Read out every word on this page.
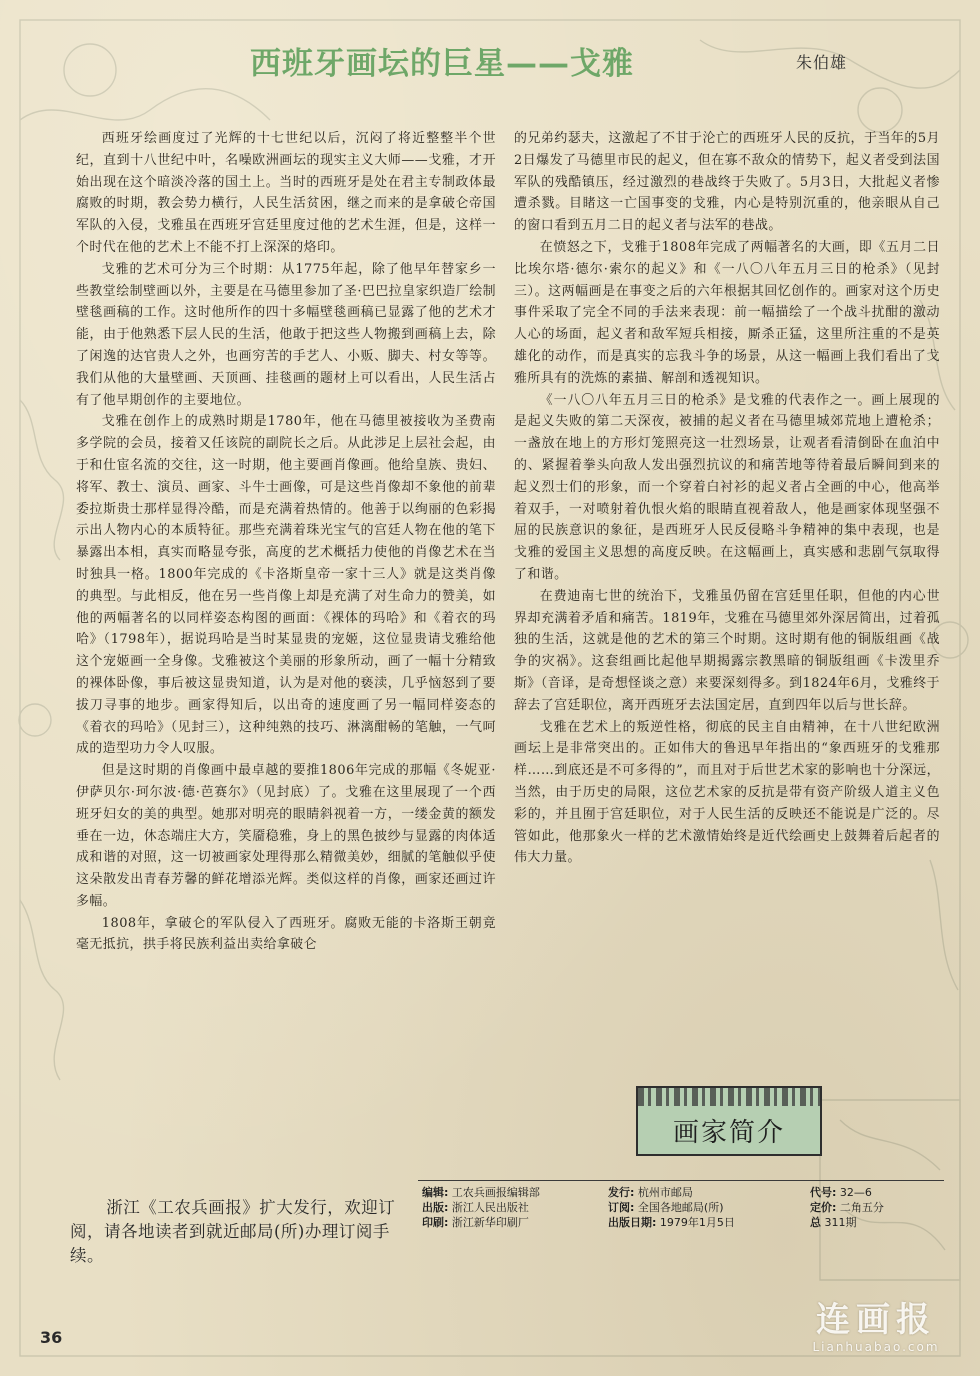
西班牙画坛的巨星——戈雅	朱伯雄

西班牙绘画度过了光辉的十七世纪以后，沉闷了将近整整半个世纪，直到十八世纪中叶，名噪欧洲画坛的现实主义大师——戈雅，才开始出现在这个暗淡冷落的国土上。当时的西班牙是处在君主专制政体最腐败的时期，教会势力横行，人民生活贫困，继之而来的是拿破仑帝国军队的入侵，戈雅虽在西班牙宫廷里度过他的艺术生涯，但是，这样一个时代在他的艺术上不能不打上深深的烙印。

戈雅的艺术可分为三个时期：从1775年起，除了他早年替家乡一些教堂绘制壁画以外，主要是在马德里参加了圣·巴巴拉皇家织造厂绘制壁毯画稿的工作。这时他所作的四十多幅壁毯画稿已显露了他的艺术才能，由于他熟悉下层人民的生活，他敢于把这些人物搬到画稿上去，除了闲逸的达官贵人之外，也画穷苦的手艺人、小贩、脚夫、村女等等。我们从他的大量壁画、天顶画、挂毯画的题材上可以看出，人民生活占有了他早期创作的主要地位。

戈雅在创作上的成熟时期是1780年，他在马德里被接收为圣费南多学院的会员，接着又任该院的副院长之后。从此涉足上层社会起，由于和仕宦名流的交往，这一时期，他主要画肖像画。他给皇族、贵妇、将军、教士、演员、画家、斗牛士画像，可是这些肖像却不象他的前辈委拉斯贵士那样显得冷酷，而是充满着热情的。他善于以绚丽的色彩揭示出人物内心的本质特征。那些充满着珠光宝气的宫廷人物在他的笔下暴露出本相，真实而略显夸张，高度的艺术概括力使他的肖像艺术在当时独具一格。1800年完成的《卡洛斯皇帝一家十三人》就是这类肖像的典型。与此相反，他在另一些肖像上却是充满了对生命力的赞美，如他的两幅著名的以同样姿态构图的画面：《裸体的玛哈》和《着衣的玛哈》（1798年），据说玛哈是当时某显贵的宠姬，这位显贵请戈雅给他这个宠姬画一全身像。戈雅被这个美丽的形象所动，画了一幅十分精致的裸体卧像，事后被这显贵知道，认为是对他的亵渎，几乎恼怒到了要拔刀寻事的地步。画家得知后，以出奇的速度画了另一幅同样姿态的《着衣的玛哈》（见封三），这种纯熟的技巧、淋漓酣畅的笔触，一气呵成的造型功力令人叹服。

但是这时期的肖像画中最卓越的要推1806年完成的那幅《冬妮亚·伊萨贝尔·珂尔波·德·芭赛尔》（见封底）了。戈雅在这里展现了一个西班牙妇女的美的典型。她那对明亮的眼睛斜视着一方，一缕金黄的额发垂在一边，休态端庄大方，笑靥稳雅，身上的黑色披纱与显露的肉体适成和谐的对照，这一切被画家处理得那么精微美妙，细腻的笔触似乎使这朵散发出青春芳馨的鲜花增添光辉。类似这样的肖像，画家还画过许多幅。

1808年，拿破仑的军队侵入了西班牙。腐败无能的卡洛斯王朝竟毫无抵抗，拱手将民族利益出卖给拿破仑

的兄弟约瑟夫，这激起了不甘于沦亡的西班牙人民的反抗，于当年的5月2日爆发了马德里市民的起义，但在寡不敌众的情势下，起义者受到法国军队的残酷镇压，经过激烈的巷战终于失败了。5月3日，大批起义者惨遭杀戮。目睹这一亡国事变的戈雅，内心是特别沉重的，他亲眼从自己的窗口看到五月二日的起义者与法军的巷战。

在愤怒之下，戈雅于1808年完成了两幅著名的大画，即《五月二日比埃尔塔·德尔·索尔的起义》和《一八〇八年五月三日的枪杀》（见封三）。这两幅画是在事变之后的六年根据其回忆创作的。画家对这个历史事件采取了完全不同的手法来表现：前一幅描绘了一个战斗扰酣的激动人心的场面，起义者和敌军短兵相接，厮杀正猛，这里所注重的不是英雄化的动作，而是真实的忘我斗争的场景，从这一幅画上我们看出了戈雅所具有的洗炼的素描、解剖和透视知识。

《一八〇八年五月三日的枪杀》是戈雅的代表作之一。画上展现的是起义失败的第二天深夜，被捕的起义者在马德里城郊荒地上遭枪杀；一盏放在地上的方形灯笼照亮这一壮烈场景，让观者看清倒卧在血泊中的、紧握着拳头向敌人发出强烈抗议的和痛苦地等待着最后瞬间到来的起义烈士们的形象，而一个穿着白衬衫的起义者占全画的中心，他高举着双手，一对喷射着仇恨火焰的眼睛直视着敌人，他是画家体现坚强不屈的民族意识的象征，是西班牙人民反侵略斗争精神的集中表现，也是戈雅的爱国主义思想的高度反映。在这幅画上，真实感和悲剧气氛取得了和谐。

在费迪南七世的统治下，戈雅虽仍留在宫廷里任职，但他的内心世界却充满着矛盾和痛苦。1819年，戈雅在马德里郊外深居简出，过着孤独的生活，这就是他的艺术的第三个时期。这时期有他的铜版组画《战争的灾祸》。这套组画比起他早期揭露宗教黑暗的铜版组画《卡泼里乔斯》（音译，是奇想怪谈之意）来要深刻得多。到1824年6月，戈雅终于辞去了宫廷职位，离开西班牙去法国定居，直到四年以后与世长辞。

戈雅在艺术上的叛逆性格，彻底的民主自由精神，在十八世纪欧洲画坛上是非常突出的。正如伟大的鲁迅早年指出的“象西班牙的戈雅那样……到底还是不可多得的”，而且对于后世艺术家的影响也十分深远，当然，由于历史的局限，这位艺术家的反抗是带有资产阶级人道主义色彩的，并且囿于宫廷职位，对于人民生活的反映还不能说是广泛的。尽管如此，他那象火一样的艺术激情始终是近代绘画史上鼓舞着后起者的伟大力量。

画家简介

浙江《工农兵画报》扩大发行，欢迎订阅，请各地读者到就近邮局(所)办理订阅手续。

编辑: 工农兵画报编辑部
出版: 浙江人民出版社
印刷: 浙江新华印刷厂
发行: 杭州市邮局
订阅: 全国各地邮局(所)
出版日期: 1979年1月5日
代号: 32—6
定价: 二角五分
总 311期
36	连画报
Lianhuabao.com
